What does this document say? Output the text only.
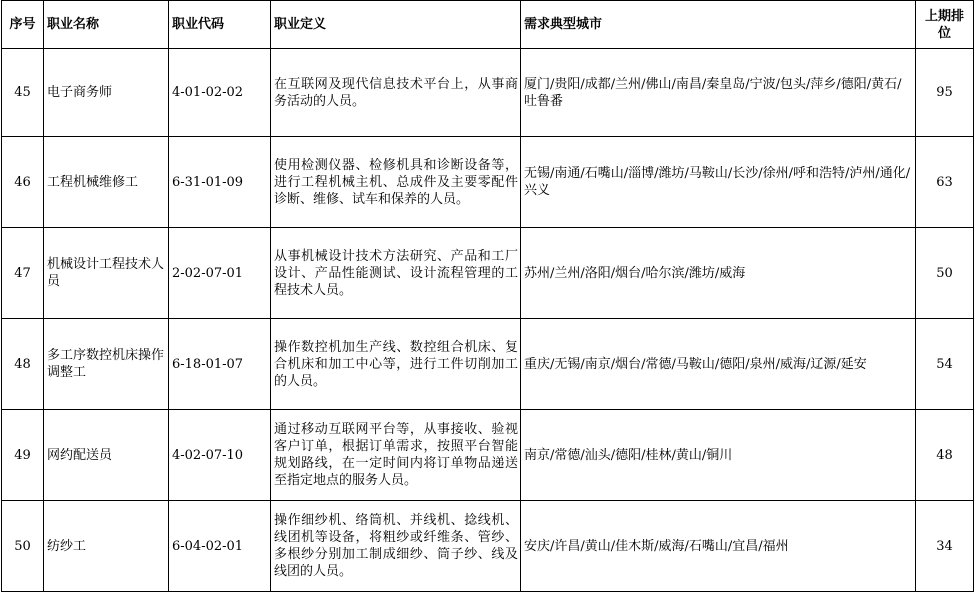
序号	职业名称	职业代码	职业定义	需求典型城市	上期排位
45	电子商务师	4-01-02-02	在互联网及现代信息技术平台上，从事商务活动的人员。	厦门/贵阳/成都/兰州/佛山/南昌/秦皇岛/宁波/包头/萍乡/德阳/黄石/吐鲁番	95
46	工程机械维修工	6-31-01-09	使用检测仪器、检修机具和诊断设备等，进行工程机械主机、总成件及主要零配件诊断、维修、试车和保养的人员。	无锡/南通/石嘴山/淄博/潍坊/马鞍山/长沙/徐州/呼和浩特/泸州/通化/兴义	63
47	机械设计工程技术人员	2-02-07-01	从事机械设计技术方法研究、产品和工厂设计、产品性能测试、设计流程管理的工程技术人员。	苏州/兰州/洛阳/烟台/哈尔滨/潍坊/威海	50
48	多工序数控机床操作调整工	6-18-01-07	操作数控机加生产线、数控组合机床、复合机床和加工中心等，进行工件切削加工的人员。	重庆/无锡/南京/烟台/常德/马鞍山/德阳/泉州/威海/辽源/延安	54
49	网约配送员	4-02-07-10	通过移动互联网平台等，从事接收、验视客户订单，根据订单需求，按照平台智能规划路线，在一定时间内将订单物品递送至指定地点的服务人员。	南京/常德/汕头/德阳/桂林/黄山/铜川	48
50	纺纱工	6-04-02-01	操作细纱机、络筒机、并线机、捻线机、线团机等设备，将粗纱或纤维条、管纱、多根纱分别加工制成细纱、筒子纱、线及线团的人员。	安庆/许昌/黄山/佳木斯/威海/石嘴山/宜昌/福州	34
